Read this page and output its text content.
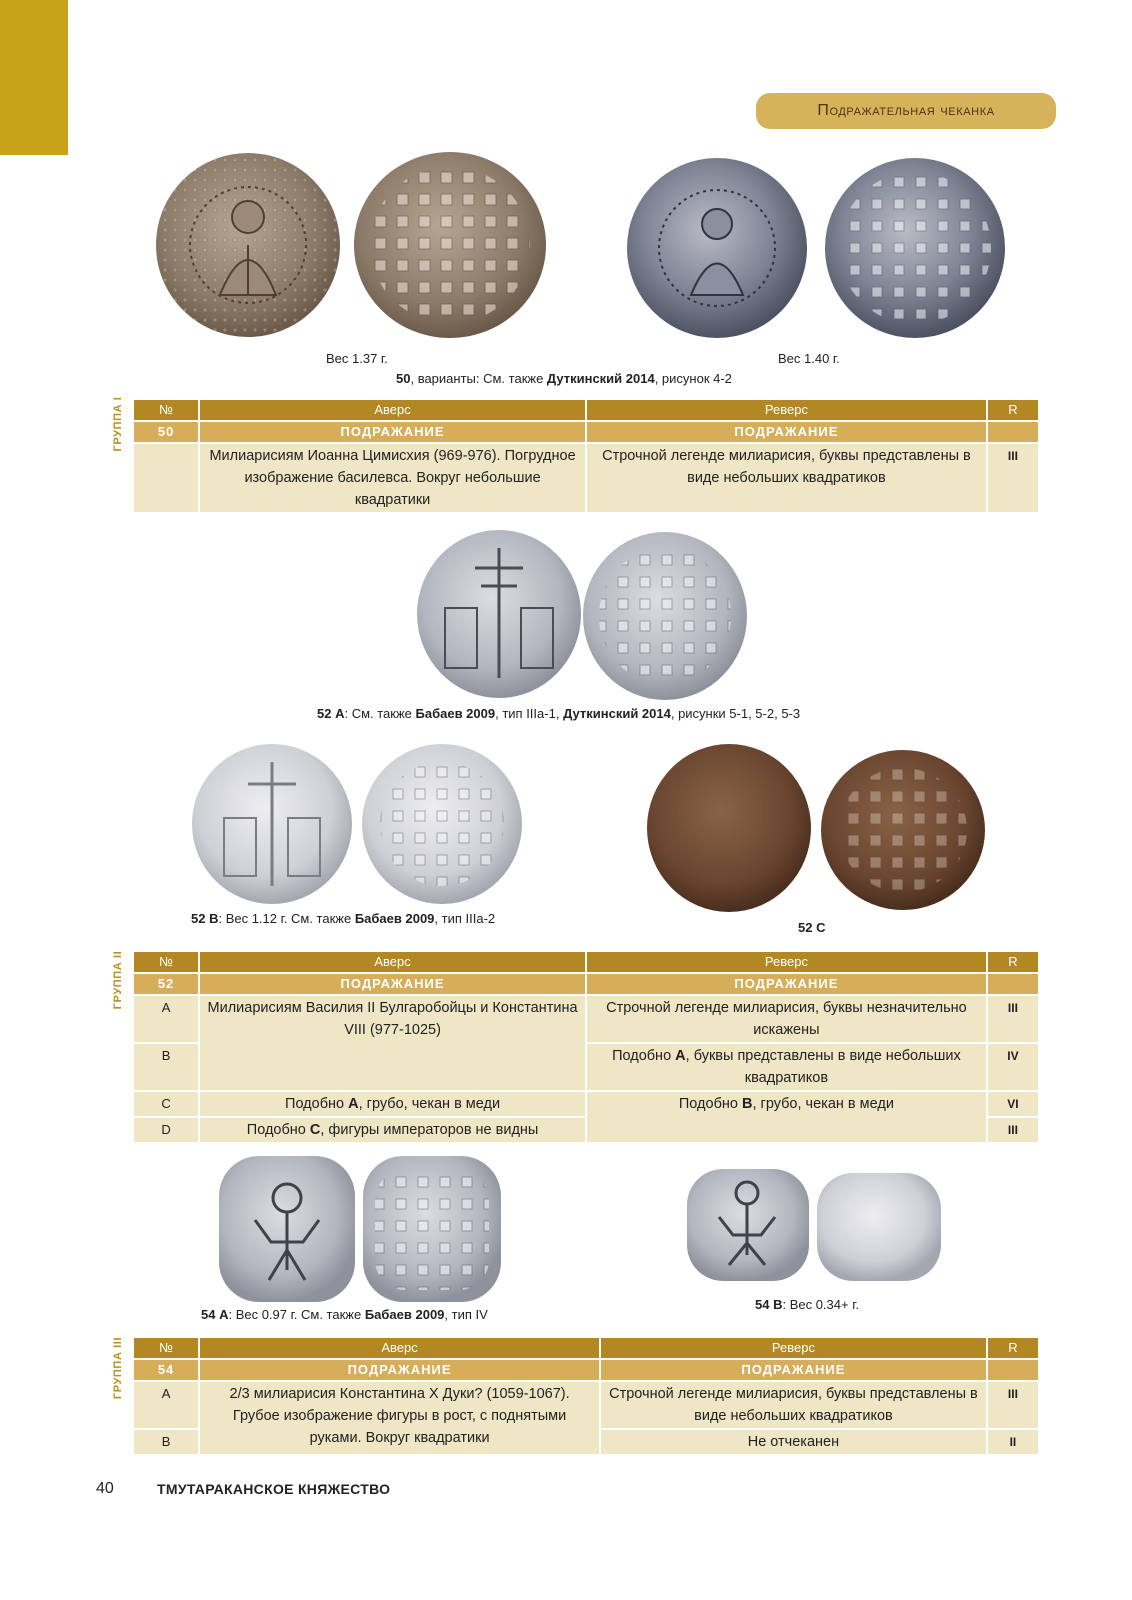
Подражательная чеканка
Вес 1.37 г.	Вес 1.40 г.
50, варианты: См. также Дуткинский 2014, рисунок 4-2
ГРУППА I	№	Аверс	Реверс	R
50	ПОДРАЖАНИЕ	ПОДРАЖАНИЕ	
	Милиарисиям Иоанна Цимисхия (969-976). Погрудное изображение басилевса. Вокруг небольшие квадратики	Строчной легенде милиарисия, буквы представлены в виде небольших квадратиков	III
52 А: См. также Бабаев 2009, тип IIIa-1, Дуткинский 2014, рисунки 5-1, 5-2, 5-3
52 B: Вес 1.12 г. См. также Бабаев 2009, тип IIIa-2
52 C
ГРУППА II	№	Аверс	Реверс	R
52	ПОДРАЖАНИЕ	ПОДРАЖАНИЕ	
A	Милиарисиям Василия II Булгаробойцы и Константина VIII (977-1025)	Строчной легенде милиарисия, буквы незначительно искажены	III
B		Подобно А, буквы представлены в виде небольших квадратиков	IV
C	Подобно А, грубо, чекан в меди	Подобно В, грубо, чекан в меди	VI
D	Подобно С, фигуры императоров не видны		III
54 А: Вес 0.97 г. См. также Бабаев 2009, тип IV
54 B: Вес 0.34+ г.
ГРУППА III	№	Аверс	Реверс	R
54	ПОДРАЖАНИЕ	ПОДРАЖАНИЕ	
A	2/3 милиарисия Константина X Дуки? (1059-1067). Грубое изображение фигуры в рост, с поднятыми руками. Вокруг квадратики	Строчной легенде милиарисия, буквы представлены в виде небольших квадратиков	III
B		Не отчеканен	II
40	ТМУТАРАКАНСКОЕ КНЯЖЕСТВО
